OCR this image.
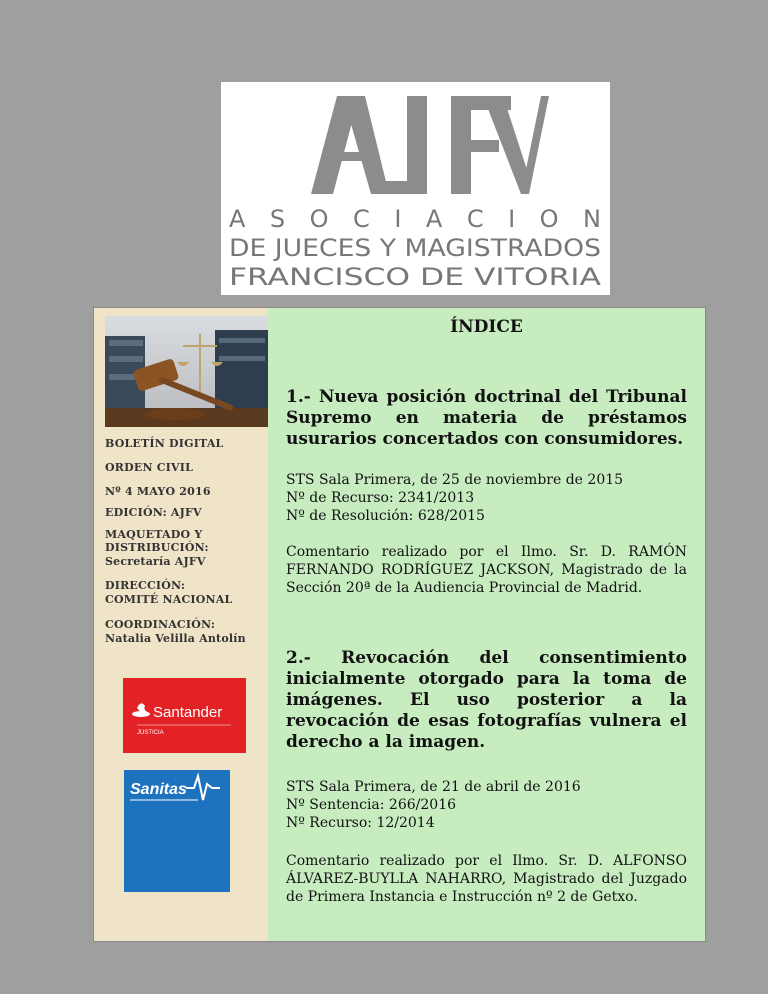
A S O C I A C I O N
DE JUECES Y MAGISTRADOS
FRANCISCO DE VITORIA
BOLETÍN DIGITAL
ORDEN CIVIL
Nº 4 MAYO 2016
EDICIÓN: AJFV
MAQUETADO Y DISTRIBUCIÓN:
Secretaría AJFV
DIRECCIÓN:
COMITÉ NACIONAL
COORDINACIÓN:
Natalia Velilla Antolín
Santander
JUSTICIA
Sanitas
ÍNDICE
1.- Nueva posición doctrinal del Tribunal Supremo en materia de préstamos usurarios concertados con consumidores.
STS Sala Primera, de 25 de noviembre de 2015
Nº de Recurso: 2341/2013
Nº de Resolución: 628/2015
Comentario realizado por el Ilmo. Sr. D. RAMÓN FERNANDO RODRÍGUEZ JACKSON, Magistrado de la Sección 20ª de la Audiencia Provincial de Madrid.
2.- Revocación del consentimiento inicialmente otorgado para la toma de imágenes. El uso posterior a la revocación de esas fotografías vulnera el derecho a la imagen.
STS Sala Primera, de 21 de abril de 2016
Nº Sentencia: 266/2016
Nº Recurso: 12/2014
Comentario realizado por el Ilmo. Sr. D. ALFONSO ÁLVAREZ-BUYLLA NAHARRO, Magistrado del Juzgado de Primera Instancia e Instrucción nº 2 de Getxo.
